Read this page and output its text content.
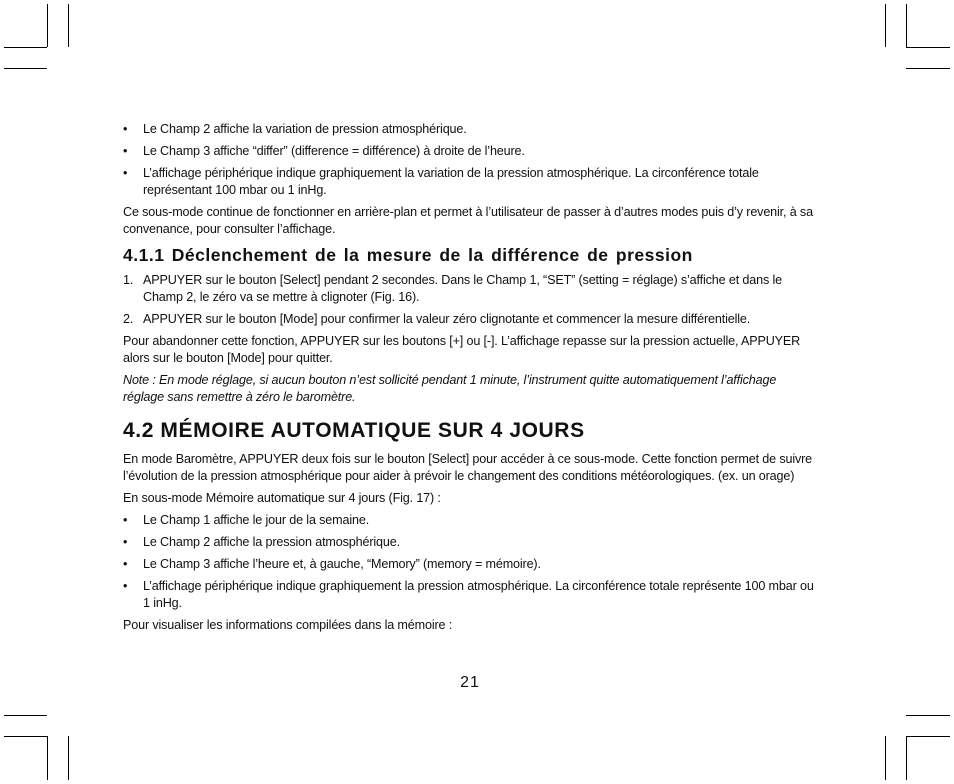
• Le Champ 2 affiche la variation de pression atmosphérique.
• Le Champ 3 affiche “differ” (difference = différence) à droite de l’heure.
• L’affichage périphérique indique graphiquement la variation de la pression atmosphérique. La circonférence totale représentant 100 mbar ou 1 inHg.

Ce sous-mode continue de fonctionner en arrière-plan et permet à l’utilisateur de passer à d’autres modes puis d’y revenir, à sa convenance, pour consulter l’affichage.

4.1.1 Déclenchement de la mesure de la différence de pression
1. APPUYER sur le bouton [Select] pendant 2 secondes. Dans le Champ 1, “SET” (setting = réglage) s’affiche et dans le Champ 2, le zéro va se mettre à clignoter (Fig. 16).
2. APPUYER sur le bouton [Mode] pour confirmer la valeur zéro clignotante et commencer la mesure différentielle.

Pour abandonner cette fonction, APPUYER sur les boutons [+] ou [-]. L’affichage repasse sur la pression actuelle, APPUYER alors sur le bouton [Mode] pour quitter.

Note : En mode réglage, si aucun bouton n’est sollicité pendant 1 minute, l’instrument quitte automatiquement l’affichage réglage sans remettre à zéro le baromètre.

4.2 MÉMOIRE AUTOMATIQUE SUR 4 JOURS

En mode Baromètre, APPUYER deux fois sur le bouton [Select] pour accéder à ce sous-mode. Cette fonction permet de suivre l’évolution de la pression atmosphérique pour aider à prévoir le changement des conditions météorologiques. (ex. un orage)

En sous-mode Mémoire automatique sur 4 jours (Fig. 17) :

• Le Champ 1 affiche le jour de la semaine.
• Le Champ 2 affiche la pression atmosphérique.
• Le Champ 3 affiche l’heure et, à gauche, “Memory” (memory = mémoire).
• L’affichage périphérique indique graphiquement la pression atmosphérique. La circonférence totale représente 100 mbar ou 1 inHg.

Pour visualiser les informations compilées dans la mémoire :

21
